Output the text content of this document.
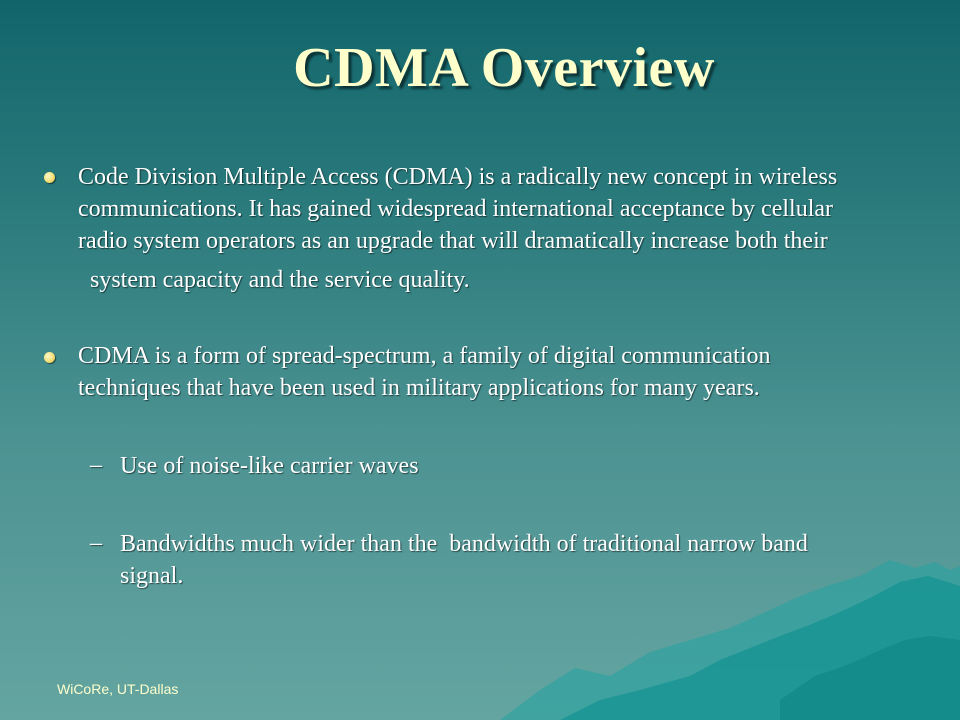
CDMA Overview
Code Division Multiple Access (CDMA) is a radically new concept in wireless
communications. It has gained widespread international acceptance by cellular
radio system operators as an upgrade that will dramatically increase both their
system capacity and the service quality.
CDMA is a form of spread-spectrum, a family of digital communication
techniques that have been used in military applications for many years.
– Use of noise-like carrier waves
– Bandwidths much wider than the  bandwidth of traditional narrow band
signal.
WiCoRe, UT-Dallas
